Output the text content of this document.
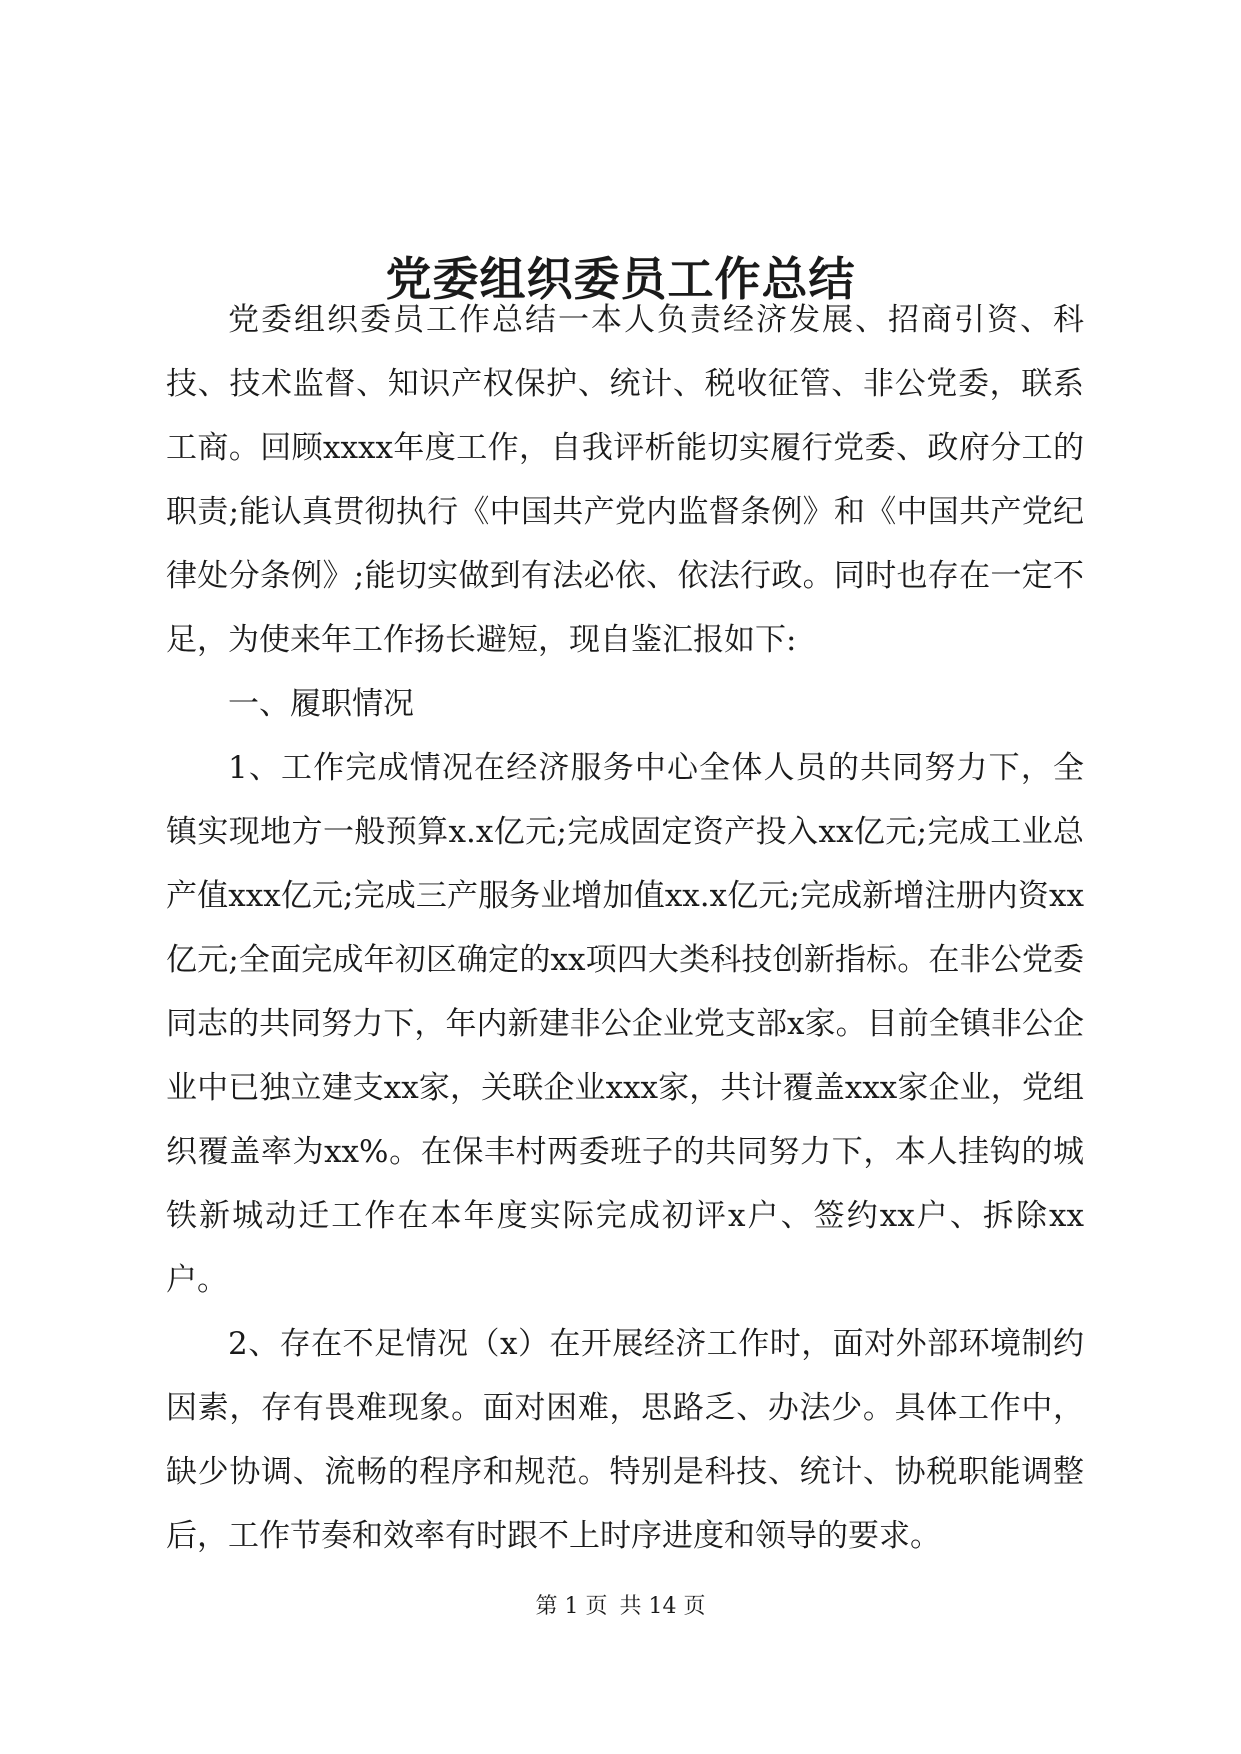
党委组织委员工作总结

党委组织委员工作总结一本人负责经济发展、招商引资、科技、技术监督、知识产权保护、统计、税收征管、非公党委，联系工商。回顾xxxx年度工作，自我评析能切实履行党委、政府分工的职责;能认真贯彻执行《中国共产党内监督条例》和《中国共产党纪律处分条例》;能切实做到有法必依、依法行政。同时也存在一定不足，为使来年工作扬长避短，现自鉴汇报如下:

一、履职情况

1、工作完成情况在经济服务中心全体人员的共同努力下，全镇实现地方一般预算x.x亿元;完成固定资产投入xx亿元;完成工业总产值xxx亿元;完成三产服务业增加值xx.x亿元;完成新增注册内资xx亿元;全面完成年初区确定的xx项四大类科技创新指标。在非公党委同志的共同努力下，年内新建非公企业党支部x家。目前全镇非公企业中已独立建支xx家，关联企业xxx家，共计覆盖xxx家企业，党组织覆盖率为xx%。在保丰村两委班子的共同努力下，本人挂钩的城铁新城动迁工作在本年度实际完成初评x户、签约xx户、拆除xx户。

2、存在不足情况（x）在开展经济工作时，面对外部环境制约因素，存有畏难现象。面对困难，思路乏、办法少。具体工作中，缺少协调、流畅的程序和规范。特别是科技、统计、协税职能调整后，工作节奏和效率有时跟不上时序进度和领导的要求。

第 1 页 共 14 页
